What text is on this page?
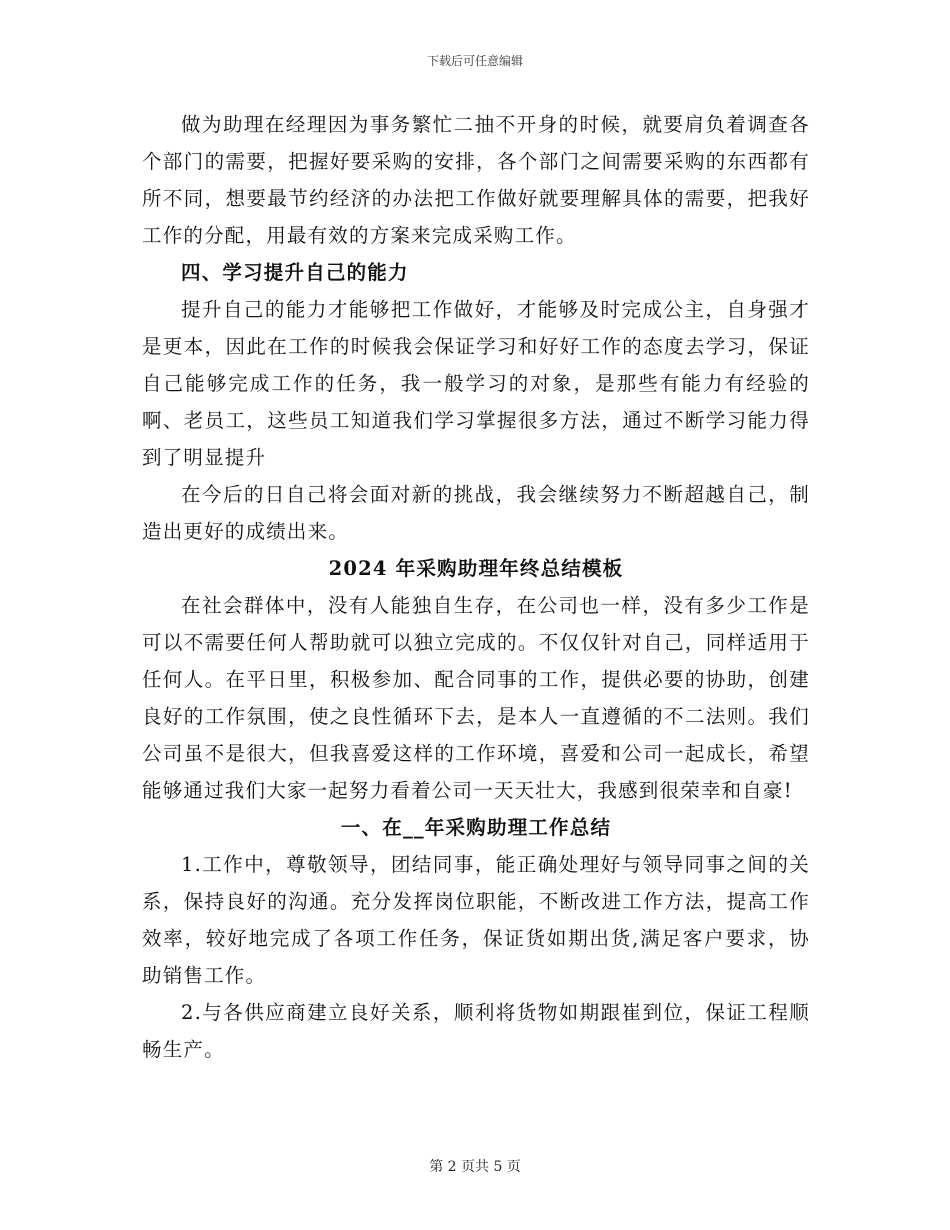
下载后可任意编辑

做为助理在经理因为事务繁忙二抽不开身的时候，就要肩负着调查各个部门的需要，把握好要采购的安排，各个部门之间需要采购的东西都有所不同，想要最节约经济的办法把工作做好就要理解具体的需要，把我好工作的分配，用最有效的方案来完成采购工作。

四、学习提升自己的能力

提升自己的能力才能够把工作做好，才能够及时完成公主，自身强才是更本，因此在工作的时候我会保证学习和好好工作的态度去学习，保证自己能够完成工作的任务，我一般学习的对象，是那些有能力有经验的啊、老员工，这些员工知道我们学习掌握很多方法，通过不断学习能力得到了明显提升

在今后的日自己将会面对新的挑战，我会继续努力不断超越自己，制造出更好的成绩出来。

2024 年采购助理年终总结模板

在社会群体中，没有人能独自生存，在公司也一样，没有多少工作是可以不需要任何人帮助就可以独立完成的。不仅仅针对自己，同样适用于任何人。在平日里，积极参加、配合同事的工作，提供必要的协助，创建良好的工作氛围，使之良性循环下去，是本人一直遵循的不二法则。我们公司虽不是很大，但我喜爱这样的工作环境，喜爱和公司一起成长，希望能够通过我们大家一起努力看着公司一天天壮大，我感到很荣幸和自豪!

一、在__年采购助理工作总结

1.工作中，尊敬领导，团结同事，能正确处理好与领导同事之间的关系，保持良好的沟通。充分发挥岗位职能，不断改进工作方法，提高工作效率，较好地完成了各项工作任务，保证货如期出货,满足客户要求，协助销售工作。

2.与各供应商建立良好关系，顺利将货物如期跟崔到位，保证工程顺畅生产。

第 2 页共 5 页
